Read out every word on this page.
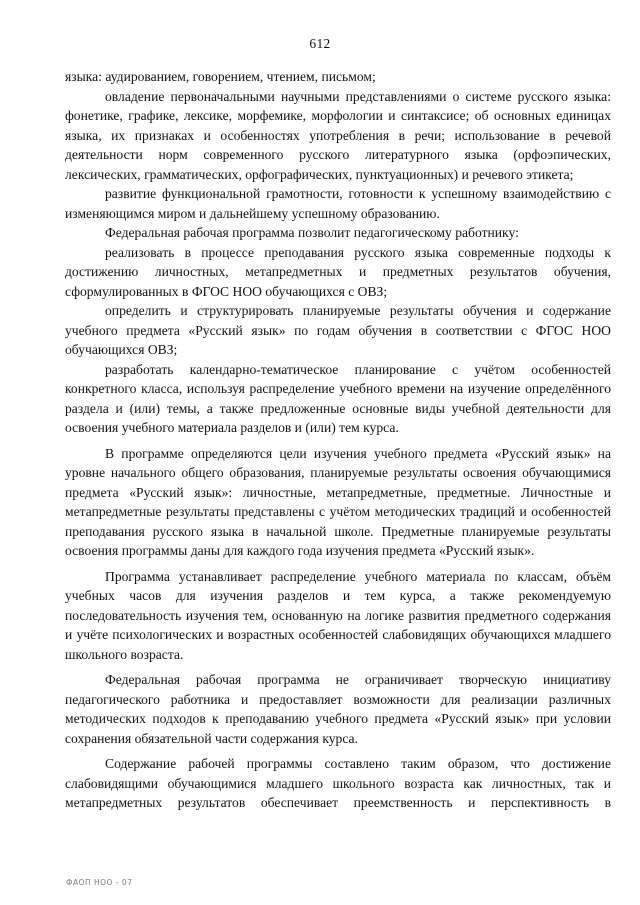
612

языка: аудированием, говорением, чтением, письмом;

овладение первоначальными научными представлениями о системе русского языка: фонетике, графике, лексике, морфемике, морфологии и синтаксисе; об основных единицах языка, их признаках и особенностях употребления в речи; использование в речевой деятельности норм современного русского литературного языка (орфоэпических, лексических, грамматических, орфографических, пунктуационных) и речевого этикета;

развитие функциональной грамотности, готовности к успешному взаимодействию с изменяющимся миром и дальнейшему успешному образованию.

Федеральная рабочая программа позволит педагогическому работнику:

реализовать в процессе преподавания русского языка современные подходы к достижению личностных, метапредметных и предметных результатов обучения, сформулированных в ФГОС НОО обучающихся с ОВЗ;

определить и структурировать планируемые результаты обучения и содержание учебного предмета «Русский язык» по годам обучения в соответствии с ФГОС НОО обучающихся ОВЗ;

разработать календарно-тематическое планирование с учётом особенностей конкретного класса, используя распределение учебного времени на изучение определённого раздела и (или) темы, а также предложенные основные виды учебной деятельности для освоения учебного материала разделов и (или) тем курса.

В программе определяются цели изучения учебного предмета «Русский язык» на уровне начального общего образования, планируемые результаты освоения обучающимися предмета «Русский язык»: личностные, метапредметные, предметные. Личностные и метапредметные результаты представлены с учётом методических традиций и особенностей преподавания русского языка в начальной школе. Предметные планируемые результаты освоения программы даны для каждого года изучения предмета «Русский язык».

Программа устанавливает распределение учебного материала по классам, объём учебных часов для изучения разделов и тем курса, а также рекомендуемую последовательность изучения тем, основанную на логике развития предметного содержания и учёте психологических и возрастных особенностей слабовидящих обучающихся младшего школьного возраста.

Федеральная рабочая программа не ограничивает творческую инициативу педагогического работника и предоставляет возможности для реализации различных методических подходов к преподаванию учебного предмета «Русский язык» при условии сохранения обязательной части содержания курса.

Содержание рабочей программы составлено таким образом, что достижение слабовидящими обучающимися младшего школьного возраста как личностных, так и метапредметных результатов обеспечивает преемственность и перспективность в

ФАОП НОО - 07
